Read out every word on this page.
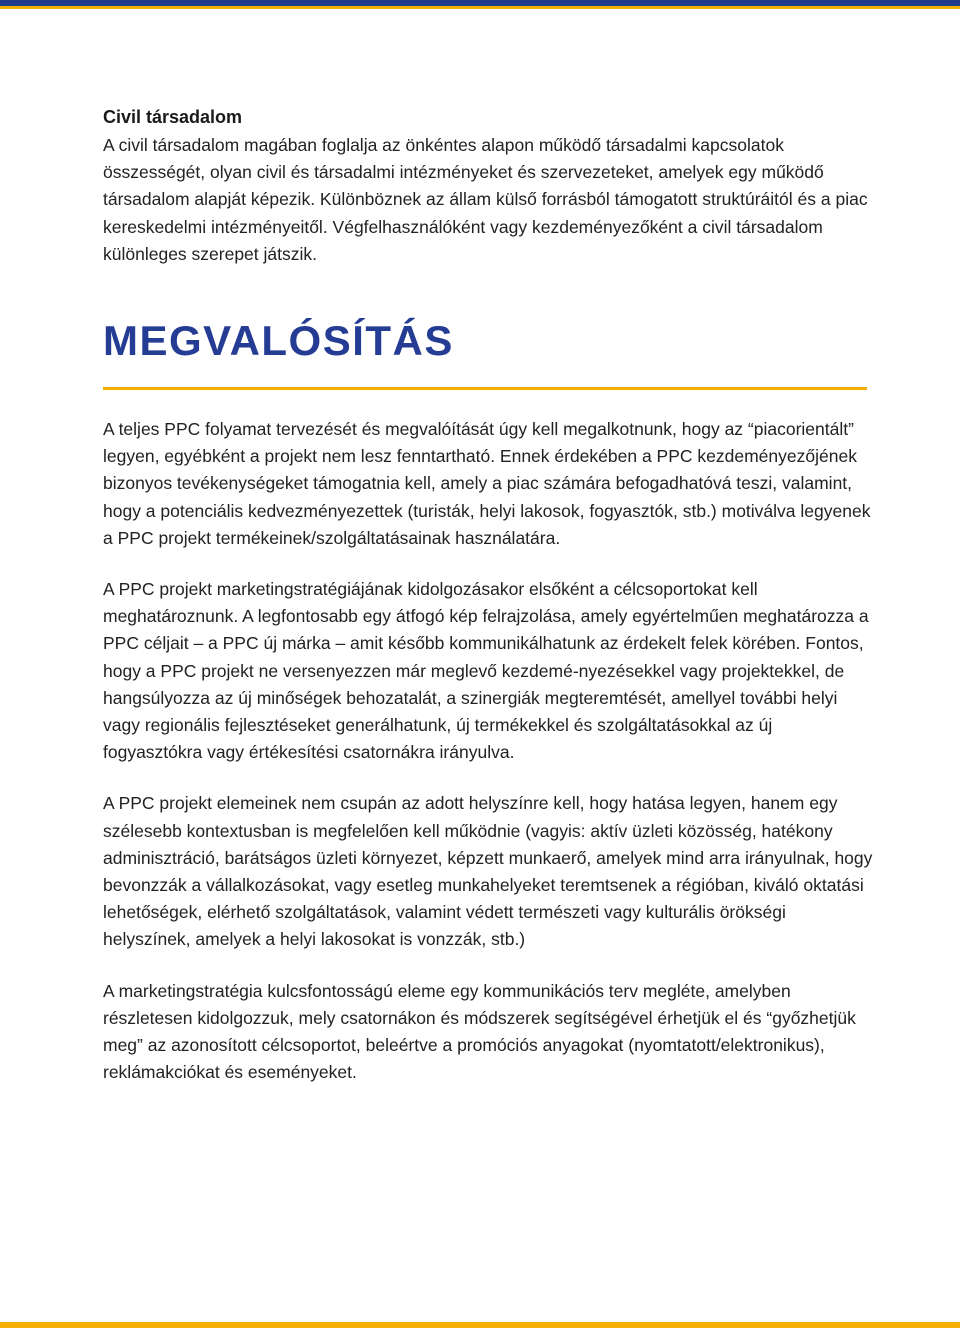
Civil társadalom

A civil társadalom magában foglalja az önkéntes alapon működő társadalmi kapcsolatok összességét, olyan civil és társadalmi intézményeket és szervezeteket, amelyek egy működő társadalom alapját képezik. Különböznek az állam külső forrásból támogatott struktúráitól és a piac kereskedelmi intézményeitől. Végfelhasználóként vagy kezdeményezőként a civil társadalom különleges szerepet játszik.

MEGVALÓSÍTÁS

A teljes PPC folyamat tervezését és megvalóítását úgy kell megalkotnunk, hogy az “piacorientált” legyen, egyébként a projekt nem lesz fenntartható. Ennek érdekében a PPC kezdeményezőjének bizonyos tevékenységeket támogatnia kell, amely a piac számára befogadhatóvá teszi, valamint, hogy a potenciális kedvezményezettek (turisták, helyi lakosok, fogyasztók, stb.) motiválva legyenek a PPC projekt termékeinek/szolgáltatásainak használatára.

A PPC projekt marketingstratégiájának kidolgozásakor elsőként a célcsoportokat kell meghatároznunk. A legfontosabb egy átfogó kép felrajzolása, amely egyértelműen meghatározza a PPC céljait – a PPC új márka – amit később kommunikálhatunk az érdekelt felek körében. Fontos, hogy a PPC projekt ne versenyezzen már meglevő kezdemé-nyezésekkel vagy projektekkel, de hangsúlyozza az új minőségek behozatalát, a szinergiák megteremtését, amellyel további helyi vagy regionális fejlesztéseket generálhatunk, új termékekkel és szolgáltatásokkal az új fogyasztókra vagy értékesítési csatornákra irányulva.

A PPC projekt elemeinek nem csupán az adott helyszínre kell, hogy hatása legyen, hanem egy szélesebb kontextusban is megfelelően kell működnie (vagyis: aktív üzleti közösség, hatékony adminisztráció, barátságos üzleti környezet, képzett munkaerő, amelyek mind arra irányulnak, hogy bevonzzák a vállalkozásokat, vagy esetleg munkahelyeket teremtsenek a régióban, kiváló oktatási lehetőségek, elérhető szolgáltatások, valamint védett természeti vagy kulturális örökségi helyszínek, amelyek a helyi lakosokat is vonzzák, stb.)

A marketingstratégia kulcsfontosságú eleme egy kommunikációs terv megléte, amelyben részletesen kidolgozzuk, mely csatornákon és módszerek segítségével érhetjük el és “győzhetjük meg” az azonosított célcsoportot, beleértve a promóciós anyagokat (nyomtatott/elektronikus), reklámakciókat és eseményeket.
